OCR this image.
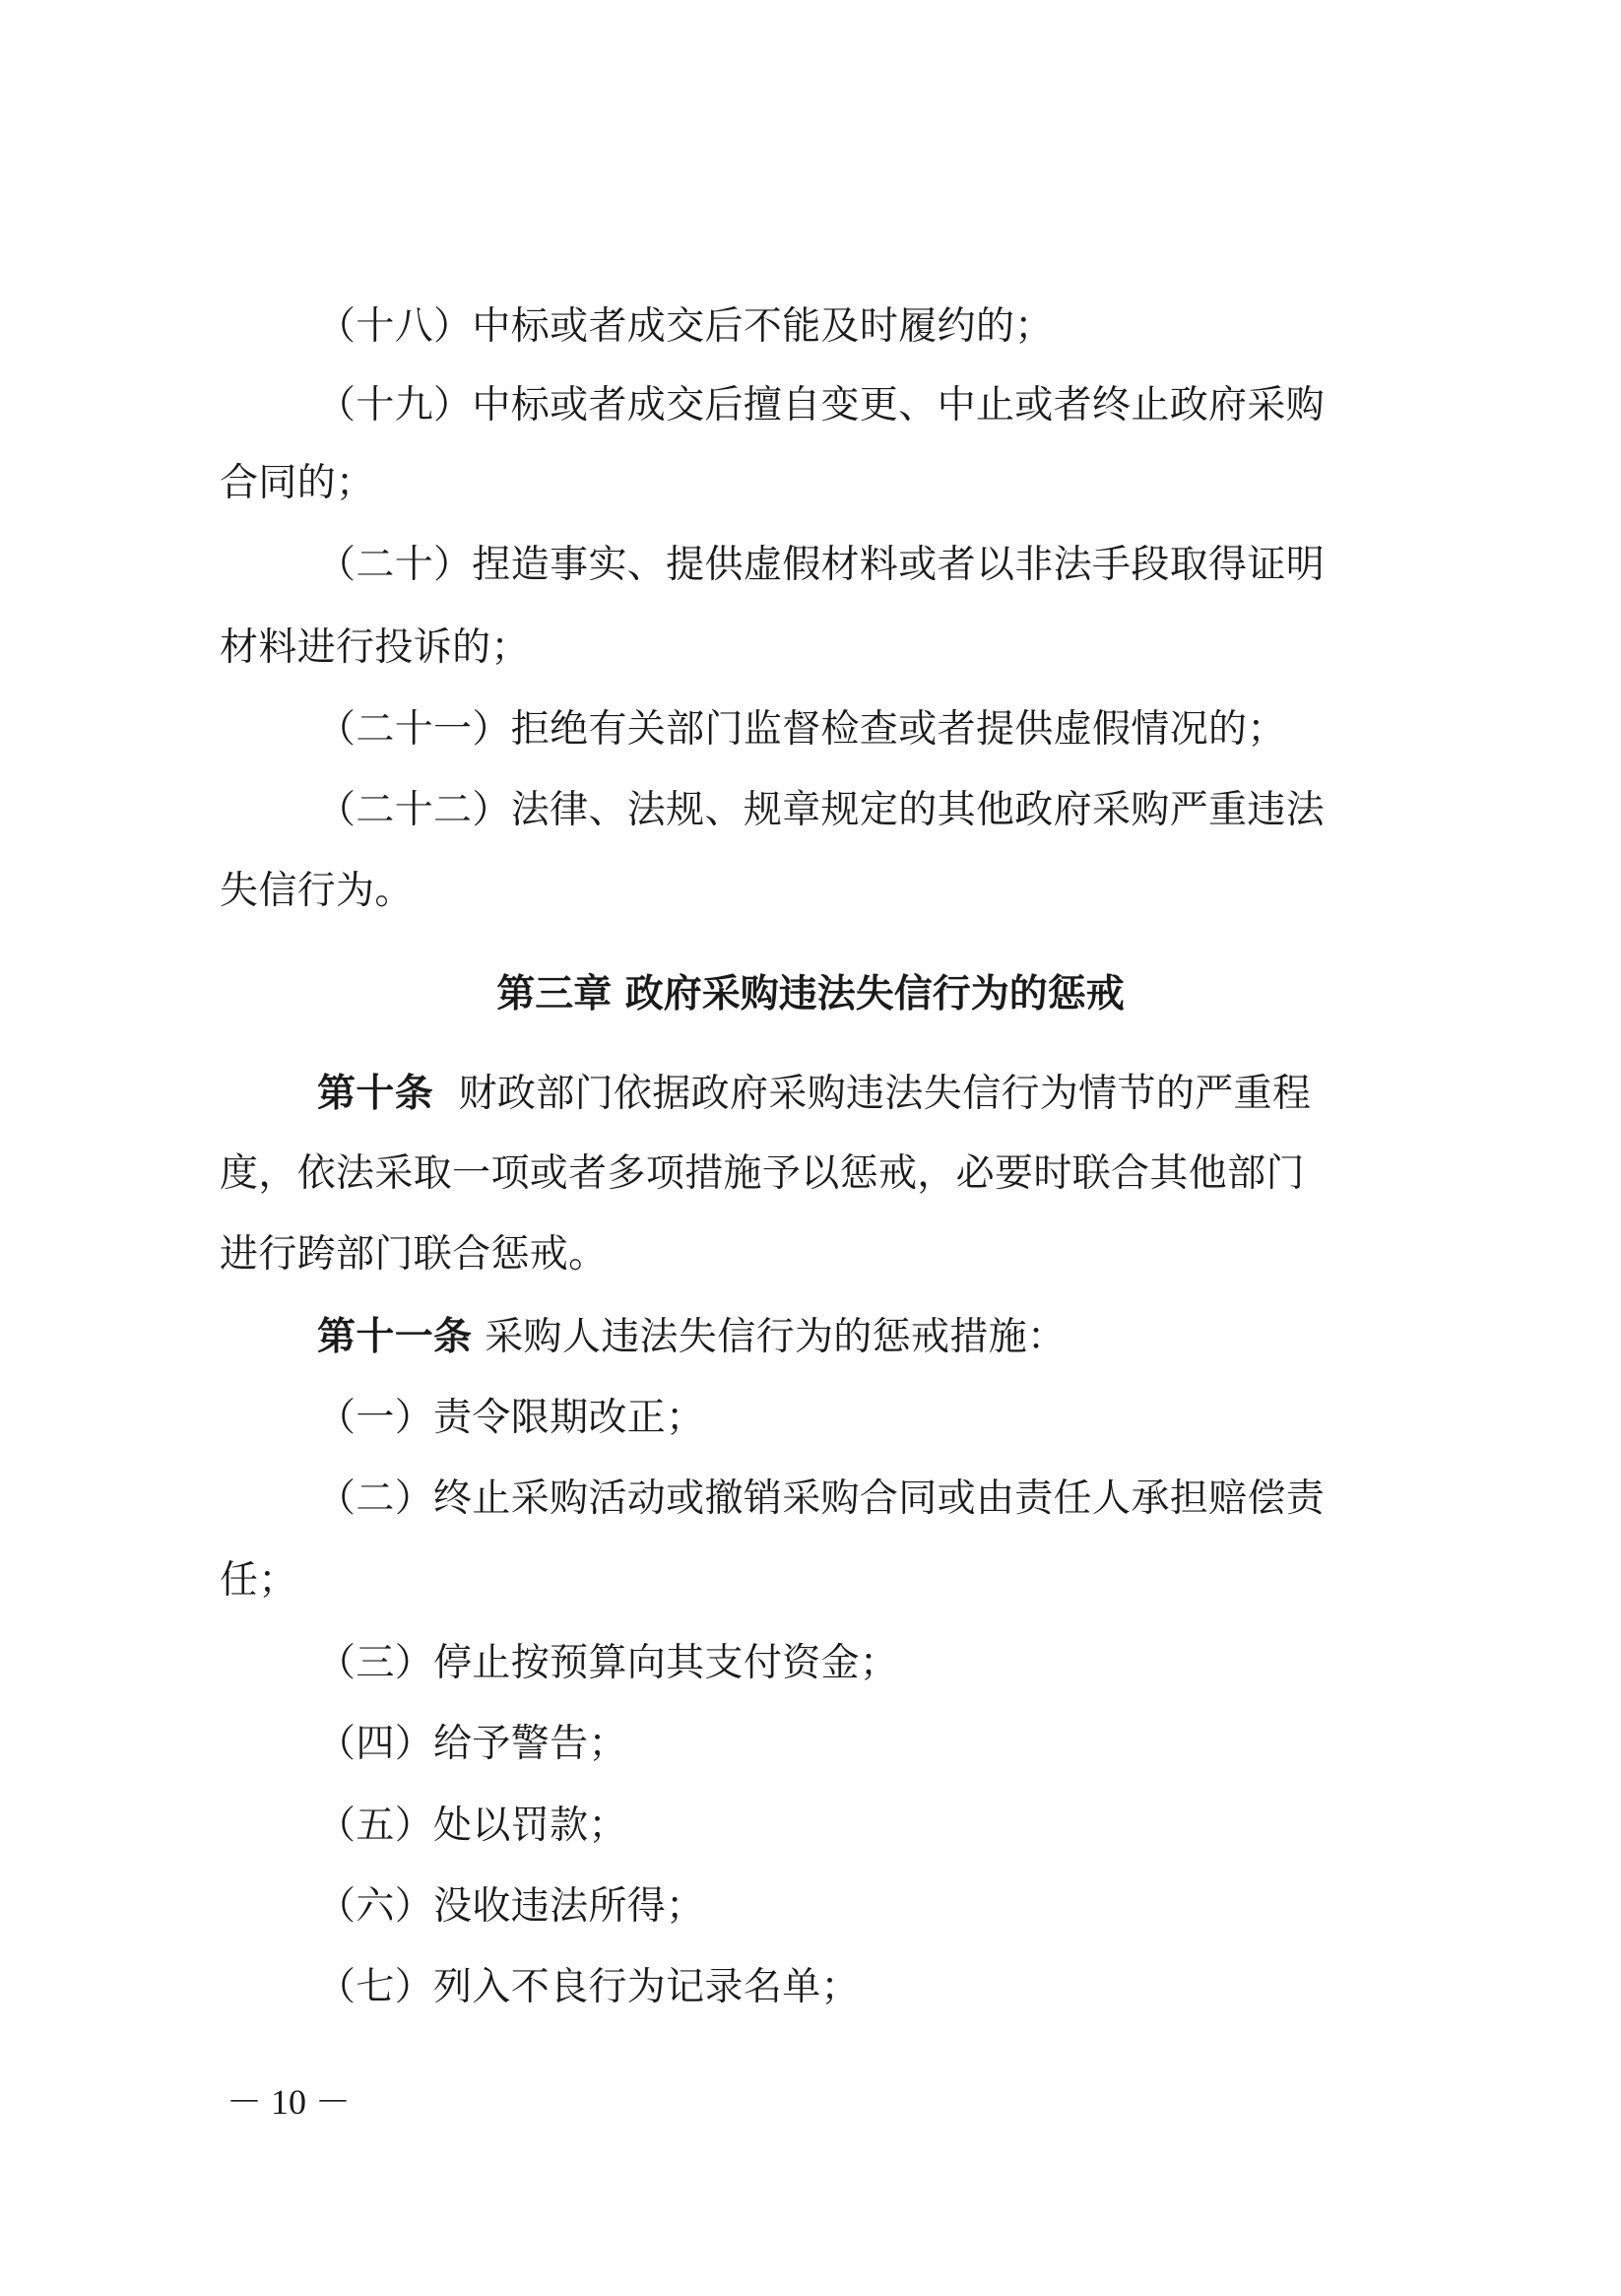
（十八）中标或者成交后不能及时履约的；
（十九）中标或者成交后擅自变更、中止或者终止政府采购
合同的；
（二十）捏造事实、提供虚假材料或者以非法手段取得证明
材料进行投诉的；
（二十一）拒绝有关部门监督检查或者提供虚假情况的；
（二十二）法律、法规、规章规定的其他政府采购严重违法
失信行为。
第三章 政府采购违法失信行为的惩戒
第十条  财政部门依据政府采购违法失信行为情节的严重程
度，依法采取一项或者多项措施予以惩戒，必要时联合其他部门
进行跨部门联合惩戒。
第十一条 采购人违法失信行为的惩戒措施：
（一）责令限期改正；
（二）终止采购活动或撤销采购合同或由责任人承担赔偿责
任；
（三）停止按预算向其支付资金；
（四）给予警告；
（五）处以罚款；
（六）没收违法所得；
（七）列入不良行为记录名单；
－ 10 －
